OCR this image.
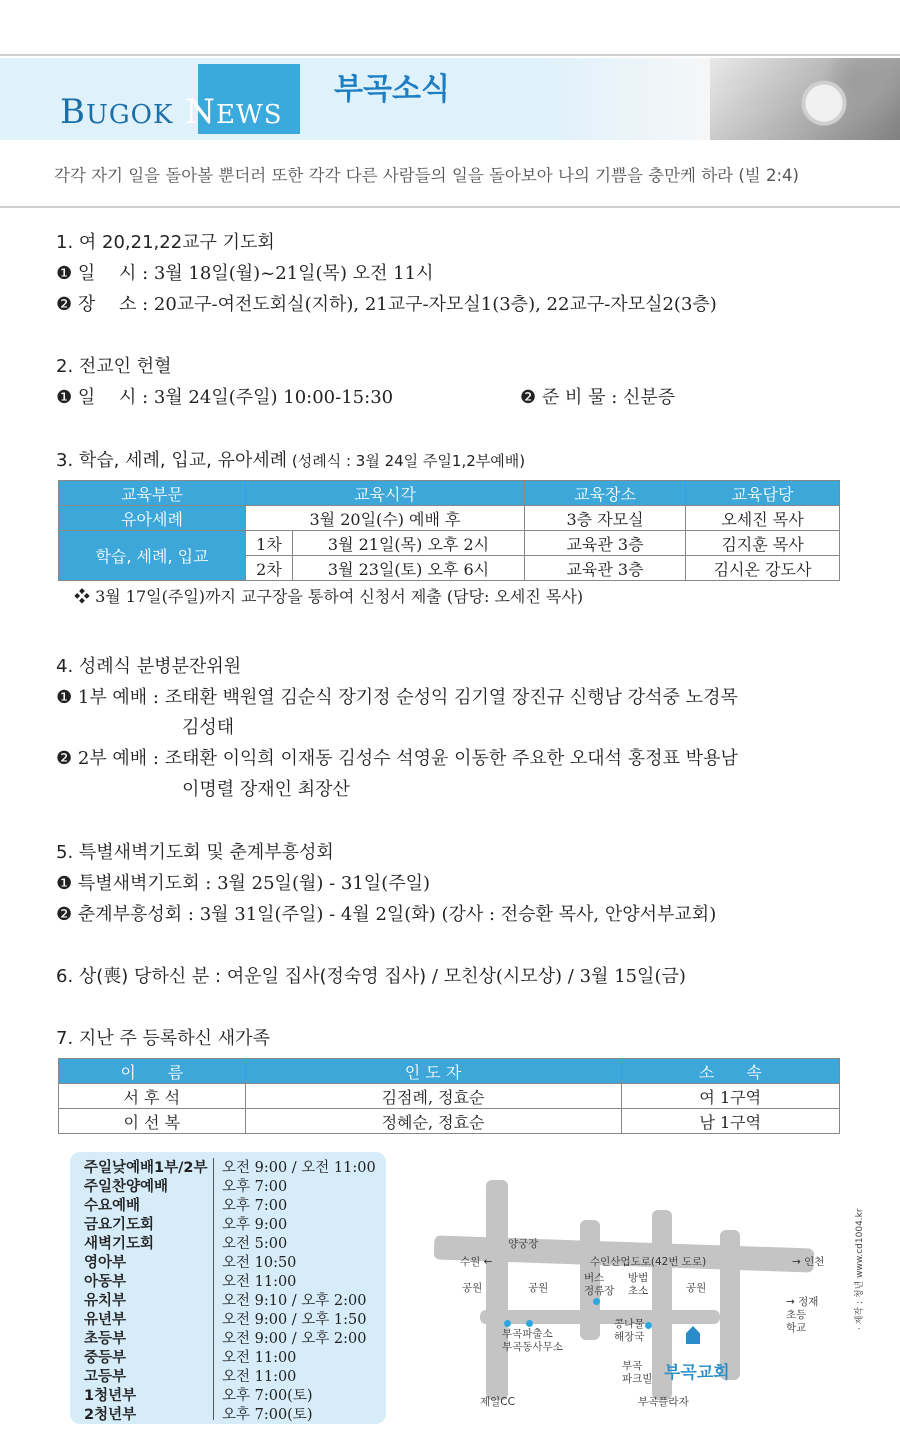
BUGOK NEWS
부곡소식
각각 자기 일을 돌아볼 뿐더러 또한 각각 다른 사람들의 일을 돌아보아 나의 기쁨을 충만케 하라 (빌 2:4)
1. 여 20,21,22교구 기도회
❶ 일　 시 : 3월 18일(월)~21일(목) 오전 11시
❷ 장　 소 : 20교구-여전도회실(지하), 21교구-자모실1(3층), 22교구-자모실2(3층)
2. 전교인 헌혈
❶ 일　 시 : 3월 24일(주일) 10:00-15:30	❷ 준 비 물 : 신분증
3. 학습, 세례, 입교, 유아세례 (성례식 : 3월 24일 주일1,2부예배)
교육부문	교육시각		교육장소	교육담당
유아세례	3월 20일(수) 예배 후		3층 자모실	오세진 목사
학습, 세례, 입교	1차	3월 21일(목) 오후 2시	교육관 3층	김지훈 목사
	2차	3월 23일(토) 오후 6시	교육관 3층	김시온 강도사
❖ 3월 17일(주일)까지 교구장을 통하여 신청서 제출 (담당: 오세진 목사)
4. 성례식 분병분잔위원
❶ 1부 예배 : 조태환 백원열 김순식 장기정 순성익 김기열 장진규 신행남 강석중 노경목
김성태
❷ 2부 예배 : 조태환 이익희 이재동 김성수 석영윤 이동한 주요한 오대석 홍정표 박용남
이명렬 장재인 최장산
5. 특별새벽기도회 및 춘계부흥성회
❶ 특별새벽기도회 : 3월 25일(월) - 31일(주일)
❷ 춘계부흥성회 : 3월 31일(주일) - 4월 2일(화) (강사 : 전승환 목사, 안양서부교회)
6. 상(喪) 당하신 분 : 여운일 집사(정숙영 집사) / 모친상(시모상) / 3월 15일(금)
7. 지난 주 등록하신 새가족
이　　름	인 도 자	소　　속
서 후 석	김점례, 정효순	여 1구역
이 선 복	정혜순, 정효순	남 1구역
주일낮예배1부/2부 오전 9:00 / 오전 11:00
주일찬양예배	오후 7:00
수요예배	오후 7:00
금요기도회	오후 9:00
새벽기도회	오전 5:00
영아부	오전 10:50
아동부	오전 11:00
유치부	오전 9:10 / 오후 2:00
유년부	오전 9:00 / 오후 1:50
초등부	오전 9:00 / 오후 2:00
중등부	오전 11:00
고등부	오전 11:00
1청년부	오후 7:00(토)
2청년부	오후 7:00(토)
양궁장
수원 ←	수인산업도로(42번 도로)	→ 인천
공원	공원	공원
버스
정류장
방범
초소
→ 정재
초등
학교
부곡파출소
부곡동사무소
콩나물
해장국
부곡
파크빌 부곡교회
제일CC	부곡플라자
· 제작 : 청년 www.cd1004.kr
